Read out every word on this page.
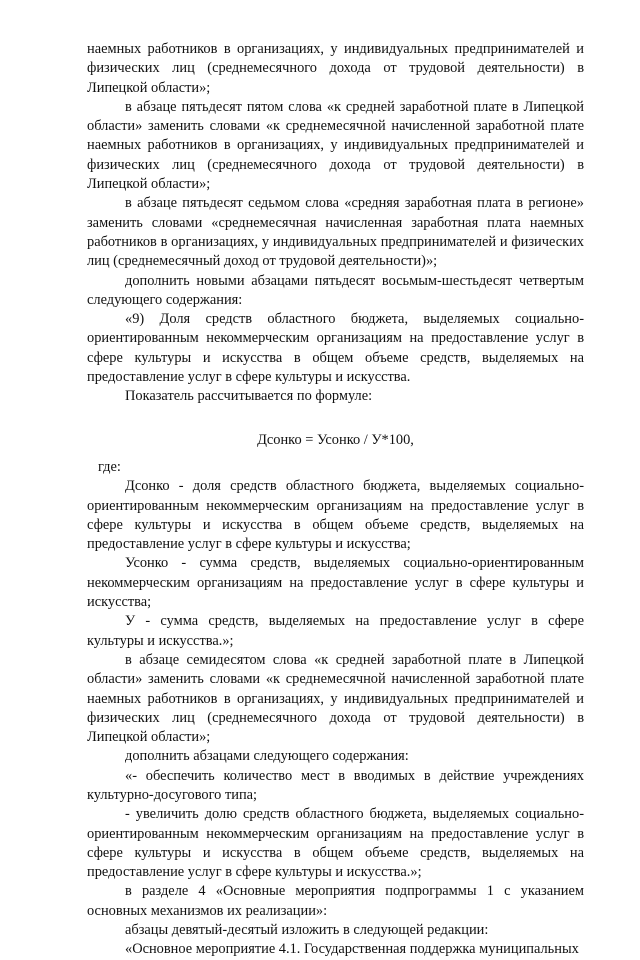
наемных работников в организациях, у индивидуальных предпринимателей и физических лиц (среднемесячного дохода от трудовой деятельности) в Липецкой области»;

в абзаце пятьдесят пятом слова «к средней заработной плате в Липецкой области» заменить словами «к среднемесячной начисленной заработной плате наемных работников в организациях, у индивидуальных предпринимателей и физических лиц (среднемесячного дохода от трудовой деятельности) в Липецкой области»;

в абзаце пятьдесят седьмом слова «средняя заработная плата в регионе» заменить словами «среднемесячная начисленная заработная плата наемных работников в организациях, у индивидуальных предпринимателей и физических лиц (среднемесячный доход от трудовой деятельности)»;

дополнить новыми абзацами пятьдесят восьмым-шестьдесят четвертым следующего содержания:

«9) Доля средств областного бюджета, выделяемых социально-ориентированным некоммерческим организациям на предоставление услуг в сфере культуры и искусства в общем объеме средств, выделяемых на предоставление услуг в сфере культуры и искусства.

Показатель рассчитывается по формуле:

Дсонко = Усонко / У*100,

где:

Дсонко - доля средств областного бюджета, выделяемых социально-ориентированным некоммерческим организациям на предоставление услуг в сфере культуры и искусства в общем объеме средств, выделяемых на предоставление услуг в сфере культуры и искусства;

Усонко - сумма средств, выделяемых социально-ориентированным некоммерческим организациям на предоставление услуг в сфере культуры и искусства;

У - сумма средств, выделяемых на предоставление услуг в сфере культуры и искусства.»;

в абзаце семидесятом слова «к средней заработной плате в Липецкой области» заменить словами «к среднемесячной начисленной заработной плате наемных работников в организациях, у индивидуальных предпринимателей и физических лиц (среднемесячного дохода от трудовой деятельности) в Липецкой области»;

дополнить абзацами следующего содержания:

«- обеспечить количество мест в вводимых в действие учреждениях культурно-досугового типа;

- увеличить долю средств областного бюджета, выделяемых социально-ориентированным некоммерческим организациям на предоставление услуг в сфере культуры и искусства в общем объеме средств, выделяемых на предоставление услуг в сфере культуры и искусства.»;

в разделе 4 «Основные мероприятия подпрограммы 1 с указанием основных механизмов их реализации»:

абзацы девятый-десятый изложить в следующей редакции:

«Основное мероприятие 4.1. Государственная поддержка муниципальных
